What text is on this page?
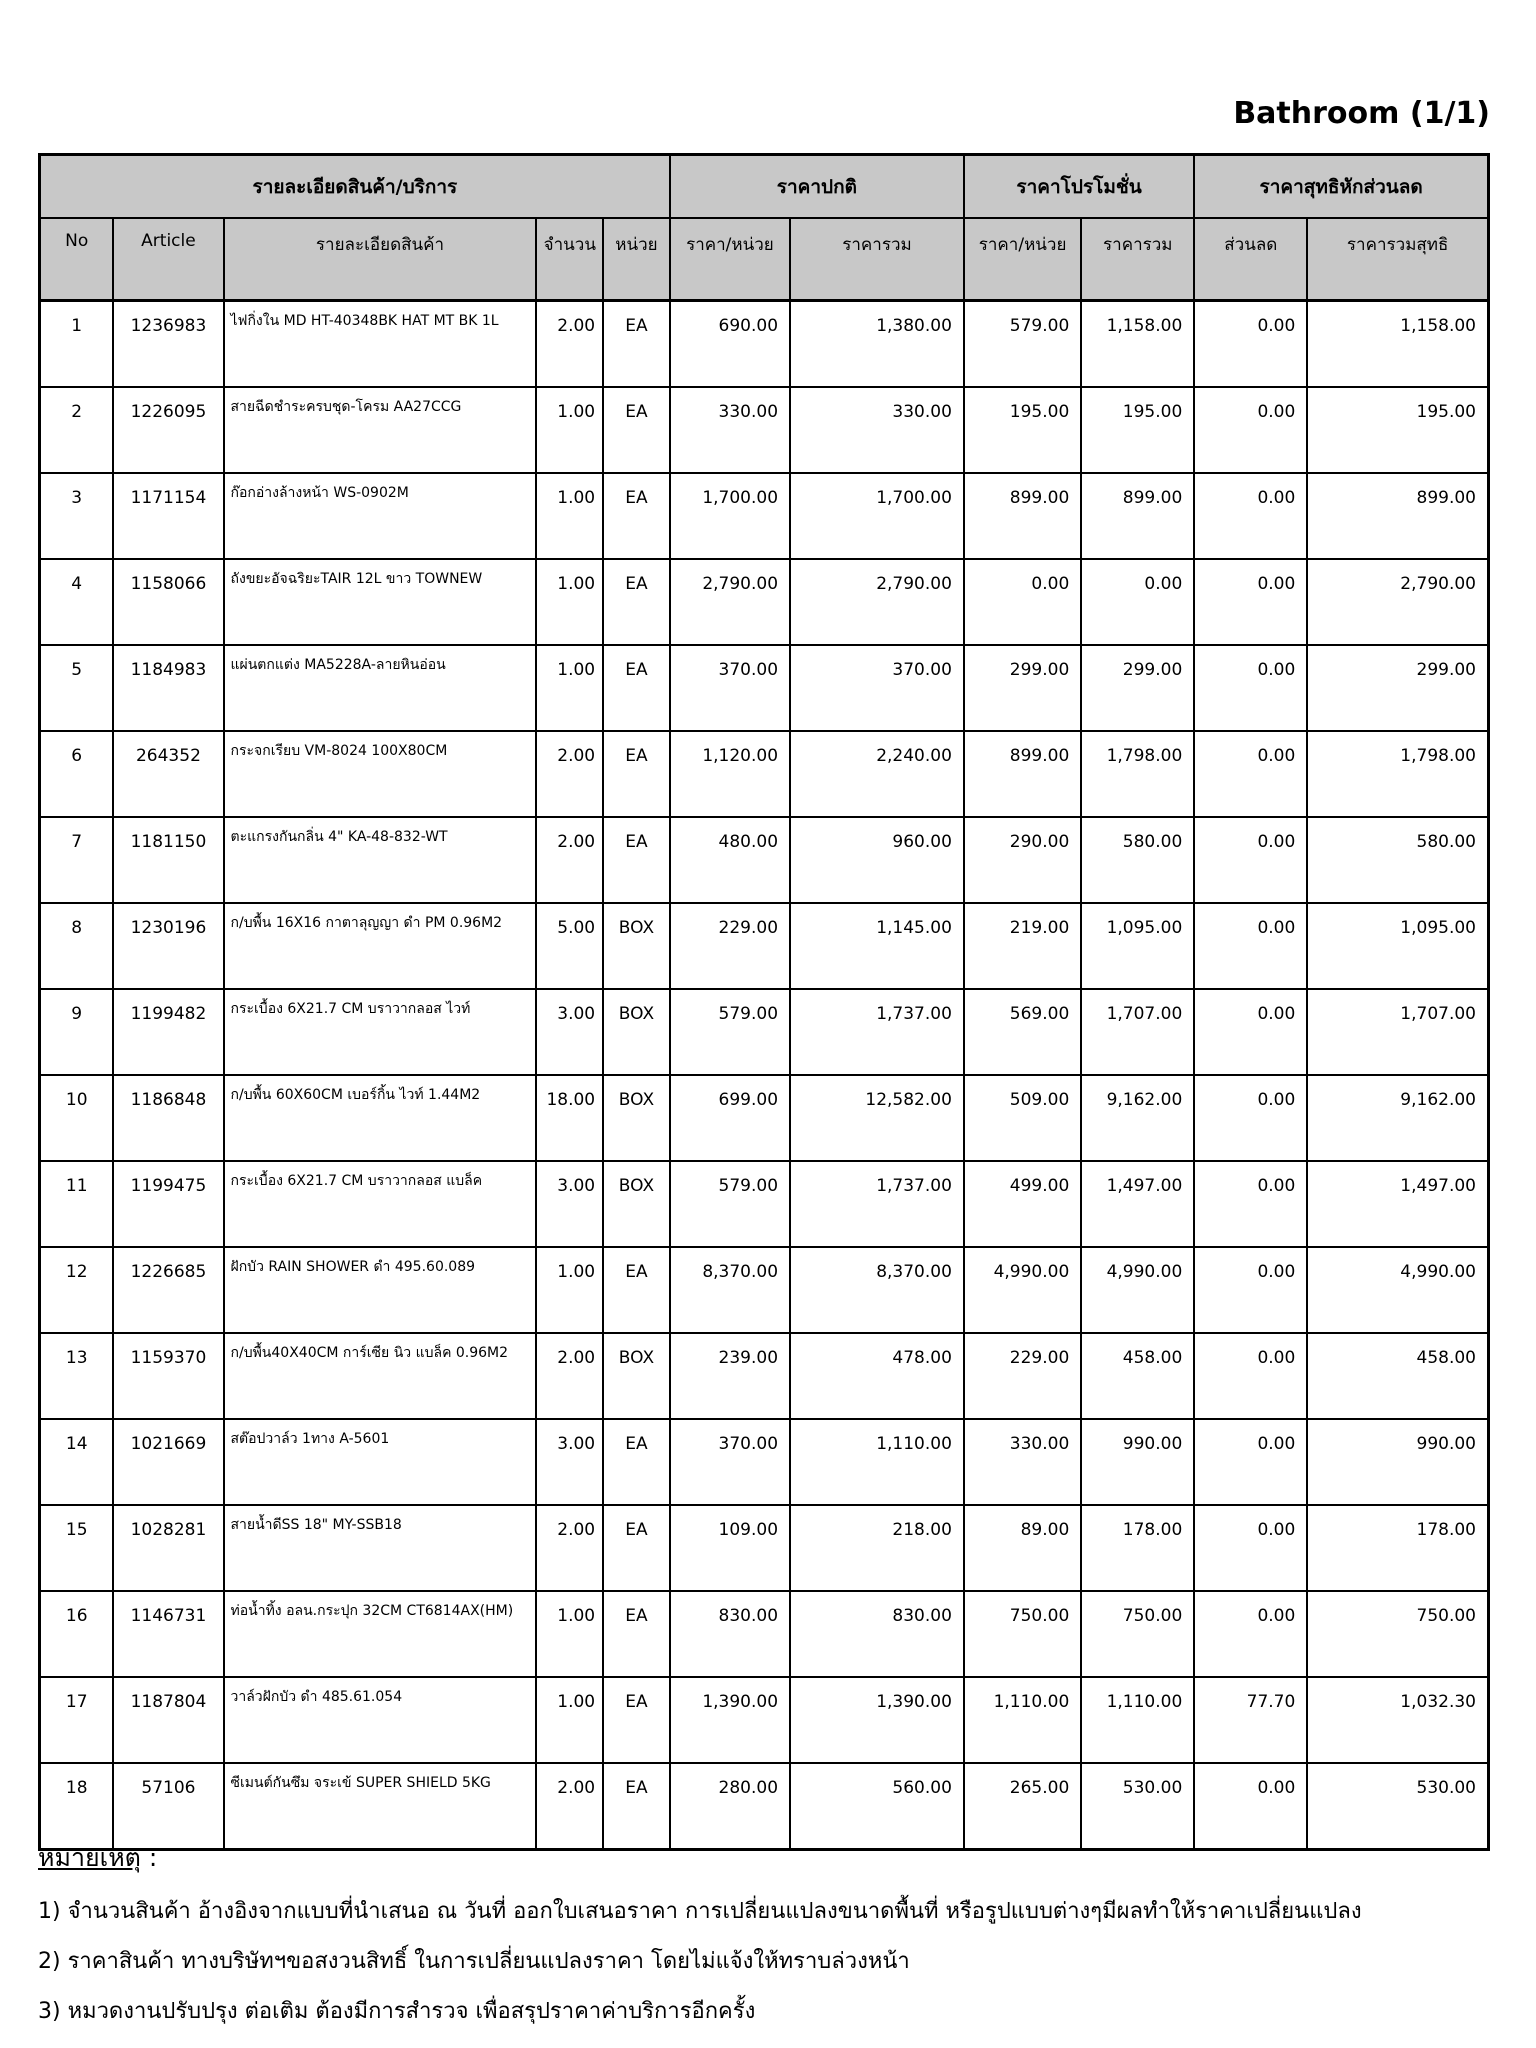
Bathroom (1/1)
รายละเอียดสินค้า/บริการ					ราคาปกติ		ราคาโปรโมชั่น		ราคาสุทธิหักส่วนลด	
No	Article	รายละเอียดสินค้า	จำนวน	หน่วย	ราคา/หน่วย	ราคารวม	ราคา/หน่วย	ราคารวม	ส่วนลด	ราคารวมสุทธิ
1	1236983	ไฟกิ่งใน MD HT-40348BK HAT MT BK 1L	2.00	EA	690.00	1,380.00	579.00	1,158.00	0.00	1,158.00
2	1226095	สายฉีดชำระครบชุด-โครม AA27CCG	1.00	EA	330.00	330.00	195.00	195.00	0.00	195.00
3	1171154	ก๊อกอ่างล้างหน้า WS-0902M	1.00	EA	1,700.00	1,700.00	899.00	899.00	0.00	899.00
4	1158066	ถังขยะอัจฉริยะTAIR 12L ขาว TOWNEW	1.00	EA	2,790.00	2,790.00	0.00	0.00	0.00	2,790.00
5	1184983	แผ่นตกแต่ง MA5228A-ลายหินอ่อน	1.00	EA	370.00	370.00	299.00	299.00	0.00	299.00
6	264352	กระจกเรียบ VM-8024 100X80CM	2.00	EA	1,120.00	2,240.00	899.00	1,798.00	0.00	1,798.00
7	1181150	ตะแกรงกันกลิ่น 4" KA-48-832-WT	2.00	EA	480.00	960.00	290.00	580.00	0.00	580.00
8	1230196	ก/บพื้น 16X16 กาตาลุญญา ดำ PM 0.96M2	5.00	BOX	229.00	1,145.00	219.00	1,095.00	0.00	1,095.00
9	1199482	กระเบื้อง 6X21.7 CM บราวากลอส ไวท์	3.00	BOX	579.00	1,737.00	569.00	1,707.00	0.00	1,707.00
10	1186848	ก/บพื้น 60X60CM เบอร์กิ้น ไวท์ 1.44M2	18.00	BOX	699.00	12,582.00	509.00	9,162.00	0.00	9,162.00
11	1199475	กระเบื้อง 6X21.7 CM บราวากลอส แบล็ค	3.00	BOX	579.00	1,737.00	499.00	1,497.00	0.00	1,497.00
12	1226685	ฝักบัว RAIN SHOWER ดำ 495.60.089	1.00	EA	8,370.00	8,370.00	4,990.00	4,990.00	0.00	4,990.00
13	1159370	ก/บพื้น40X40CM การ์เซีย นิว แบล็ค 0.96M2	2.00	BOX	239.00	478.00	229.00	458.00	0.00	458.00
14	1021669	สต๊อปวาล์ว 1ทาง A-5601	3.00	EA	370.00	1,110.00	330.00	990.00	0.00	990.00
15	1028281	สายน้ำดีSS 18" MY-SSB18	2.00	EA	109.00	218.00	89.00	178.00	0.00	178.00
16	1146731	ท่อน้ำทิ้ง อลน.กระปุก 32CM CT6814AX(HM)	1.00	EA	830.00	830.00	750.00	750.00	0.00	750.00
17	1187804	วาล์วฝักบัว ดำ 485.61.054	1.00	EA	1,390.00	1,390.00	1,110.00	1,110.00	77.70	1,032.30
18	57106	ซีเมนต์กันซึม จระเข้ SUPER SHIELD 5KG	2.00	EA	280.00	560.00	265.00	530.00	0.00	530.00
หมายเหตุ :
1) จำนวนสินค้า อ้างอิงจากแบบที่นำเสนอ ณ วันที่ ออกใบเสนอราคา การเปลี่ยนแปลงขนาดพื้นที่ หรือรูปแบบต่างๆมีผลทำให้ราคาเปลี่ยนแปลง
2) ราคาสินค้า ทางบริษัทฯขอสงวนสิทธิ์ ในการเปลี่ยนแปลงราคา โดยไม่แจ้งให้ทราบล่วงหน้า
3) หมวดงานปรับปรุง ต่อเติม ต้องมีการสำรวจ เพื่อสรุปราคาค่าบริการอีกครั้ง
